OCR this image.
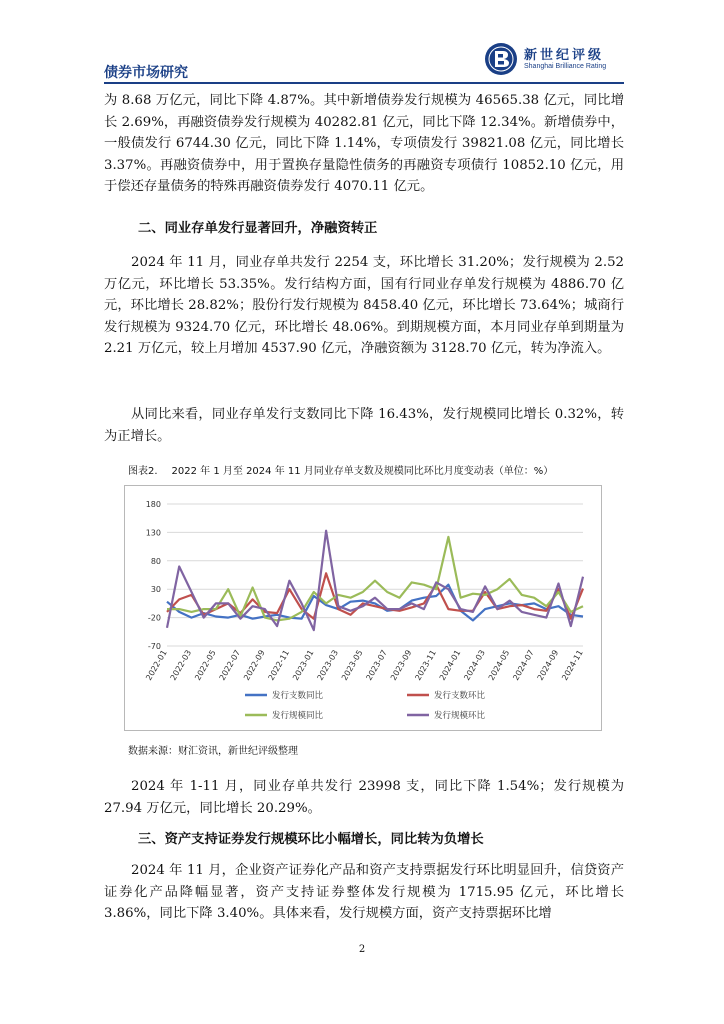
债券市场研究
新世纪评级
Shanghai Brilliance Rating

为 8.68 万亿元，同比下降 4.87%。其中新增债券发行规模为 46565.38 亿元，同比增长 2.69%，再融资债券发行规模为 40282.81 亿元，同比下降 12.34%。新增债券中，一般债发行 6744.30 亿元，同比下降 1.14%，专项债发行 39821.08 亿元，同比增长 3.37%。再融资债券中，用于置换存量隐性债务的再融资专项债行 10852.10 亿元，用于偿还存量债务的特殊再融资债券发行 4070.11 亿元。

二、同业存单发行显著回升，净融资转正

2024 年 11 月，同业存单共发行 2254 支，环比增长 31.20%；发行规模为 2.52 万亿元，环比增长 53.35%。发行结构方面，国有行同业存单发行规模为 4886.70 亿元，环比增长 28.82%；股份行发行规模为 8458.40 亿元，环比增长 73.64%；城商行发行规模为 9324.70 亿元，环比增长 48.06%。到期规模方面，本月同业存单到期量为 2.21 万亿元，较上月增加 4537.90 亿元，净融资额为 3128.70 亿元，转为净流入。

从同比来看，同业存单发行支数同比下降 16.43%，发行规模同比增长 0.32%，转为正增长。

图表2. 2022 年 1 月至 2024 年 11 月同业存单支数及规模同比环比月度变动表（单位：%）
180
130
80
30
-20
-70
2022-01 2022-03 2022-05 2022-07 2022-09 2022-11 2023-01 2023-03 2023-05 2023-07 2023-09 2023-11 2024-01 2024-03 2024-05 2024-07 2024-09 2024-11
发行支数同比	发行支数环比
发行规模同比	发行规模环比
数据来源：财汇资讯，新世纪评级整理

2024 年 1-11 月，同业存单共发行 23998 支，同比下降 1.54%；发行规模为 27.94 万亿元，同比增长 20.29%。

三、资产支持证券发行规模环比小幅增长，同比转为负增长

2024 年 11 月，企业资产证券化产品和资产支持票据发行环比明显回升，信贷资产证券化产品降幅显著，资产支持证券整体发行规模为 1715.95 亿元，环比增长 3.86%，同比下降 3.40%。具体来看，发行规模方面，资产支持票据环比增

2
